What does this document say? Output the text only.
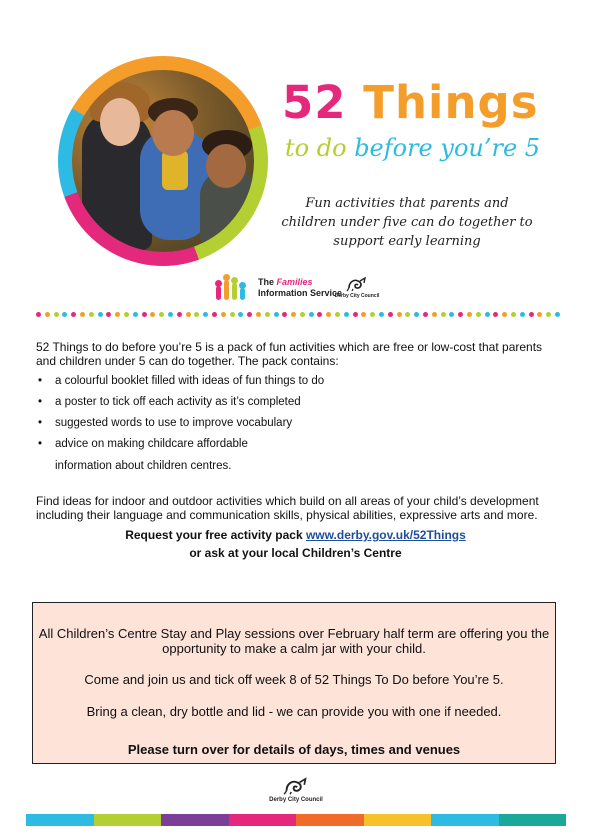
52 Things
to do before you’re 5
Fun activities that parents and children under five can do together to support early learning
The Families
Information Service
Derby City Council
52 Things to do before you’re 5 is a pack of fun activities which are free or low-cost that parents and children under 5 can do together. The pack contains:
• a colourful booklet filled with ideas of fun things to do
• a poster to tick off each activity as it’s completed
• suggested words to use to improve vocabulary
• advice on making childcare affordable
information about children centres.
Find ideas for indoor and outdoor activities which build on all areas of your child’s development including their language and communication skills, physical abilities, expressive arts and more.
Request your free activity pack www.derby.gov.uk/52Things
or ask at your local Children’s Centre

All Children’s Centre Stay and Play sessions over February half term are offering you the opportunity to make a calm jar with your child.

Come and join us and tick off week 8 of 52 Things To Do before You’re 5.

Bring a clean, dry bottle and lid - we can provide you with one if needed.

Please turn over for details of days, times and venues

Derby City Council
